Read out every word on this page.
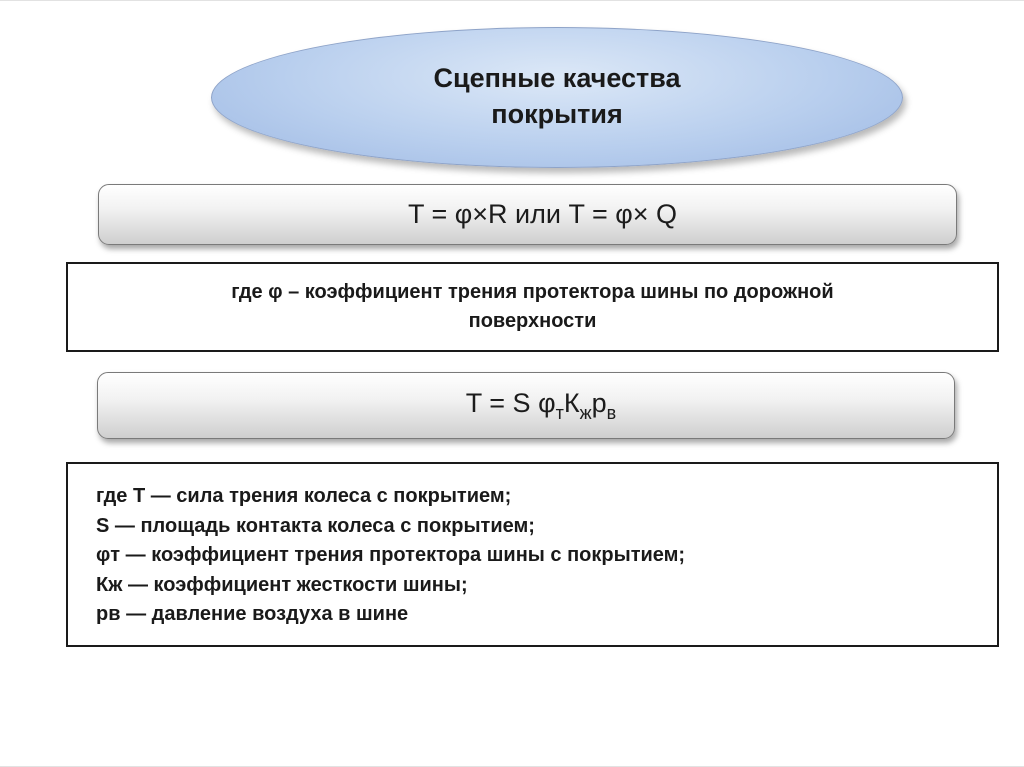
Сцепные качества
покрытия
T = φ×R или T = φ× Q
где φ – коэффициент трения протектора шины по дорожной
поверхности
T = S $\varphi_тК_жр_в$
где Т — сила трения колеса с покрытием;
S — площадь контакта колеса с покрытием;
φт — коэффициент трения протектора шины с покрытием;
Кж — коэффициент жесткости шины;
рв — давление воздуха в шине
